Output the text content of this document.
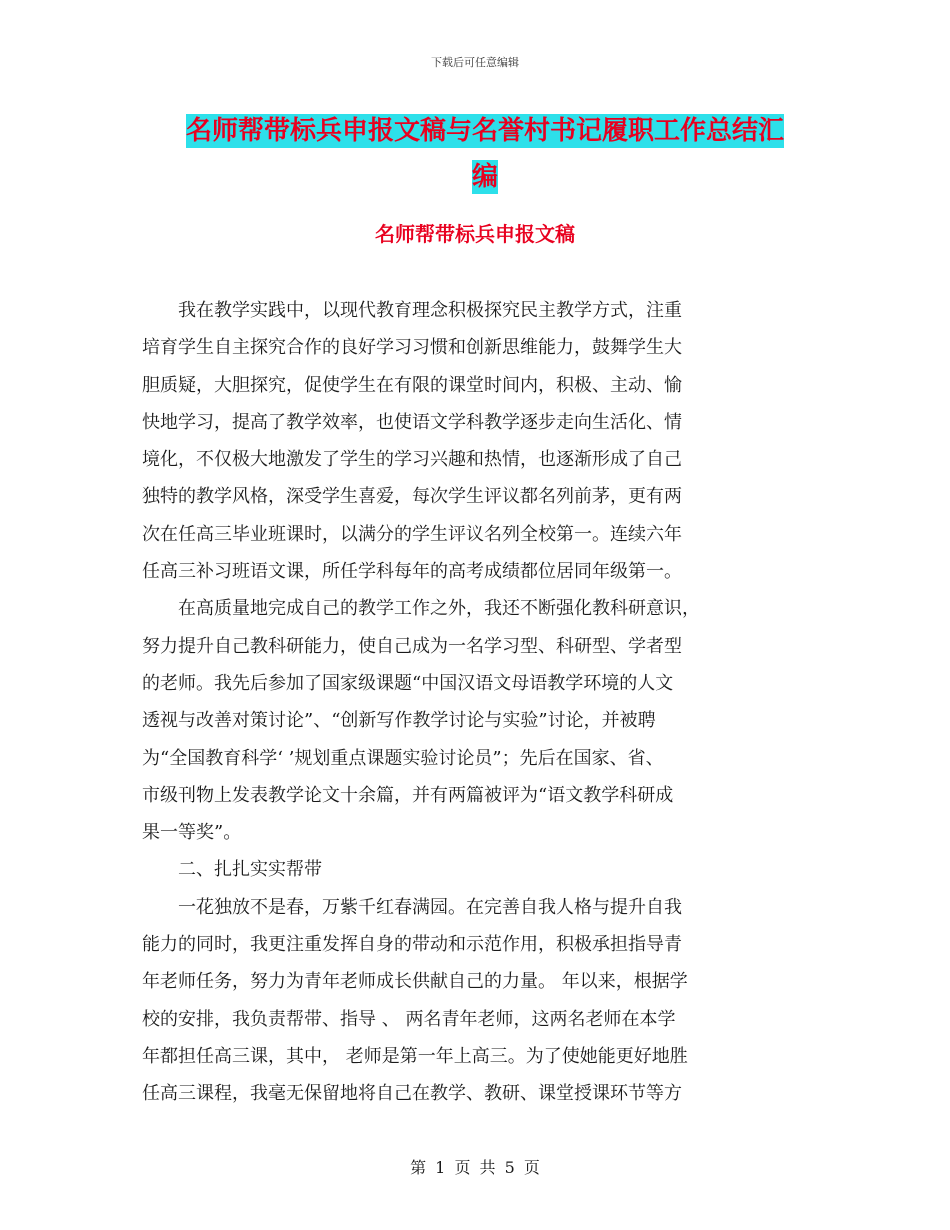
下载后可任意编辑
名师帮带标兵申报文稿与名誉村书记履职工作总结汇
编
名师帮带标兵申报文稿
　　我在教学实践中，以现代教育理念积极探究民主教学方式，注重
培育学生自主探究合作的良好学习习惯和创新思维能力，鼓舞学生大
胆质疑，大胆探究，促使学生在有限的课堂时间内，积极、主动、愉
快地学习，提高了教学效率，也使语文学科教学逐步走向生活化、情
境化，不仅极大地激发了学生的学习兴趣和热情，也逐渐形成了自己
独特的教学风格，深受学生喜爱，每次学生评议都名列前茅，更有两
次在任高三毕业班课时，以满分的学生评议名列全校第一。连续六年
任高三补习班语文课，所任学科每年的高考成绩都位居同年级第一。
　　在高质量地完成自己的教学工作之外，我还不断强化教科研意识，
努力提升自己教科研能力，使自己成为一名学习型、科研型、学者型
的老师。我先后参加了国家级课题“中国汉语文母语教学环境的人文
透视与改善对策讨论”、“创新写作教学讨论与实验”讨论，并被聘
为“全国教育科学‘ ’规划重点课题实验讨论员”；先后在国家、省、
市级刊物上发表教学论文十余篇，并有两篇被评为“语文教学科研成
果一等奖”。
　　二、扎扎实实帮带
　　一花独放不是春，万紫千红春满园。在完善自我人格与提升自我
能力的同时，我更注重发挥自身的带动和示范作用，积极承担指导青
年老师任务，努力为青年老师成长供献自己的力量。 年以来，根据学
校的安排，我负责帮带、指导 、 两名青年老师，这两名老师在本学
年都担任高三课，其中， 老师是第一年上高三。为了使她能更好地胜
任高三课程，我毫无保留地将自己在教学、教研、课堂授课环节等方
第 1 页 共 5 页
